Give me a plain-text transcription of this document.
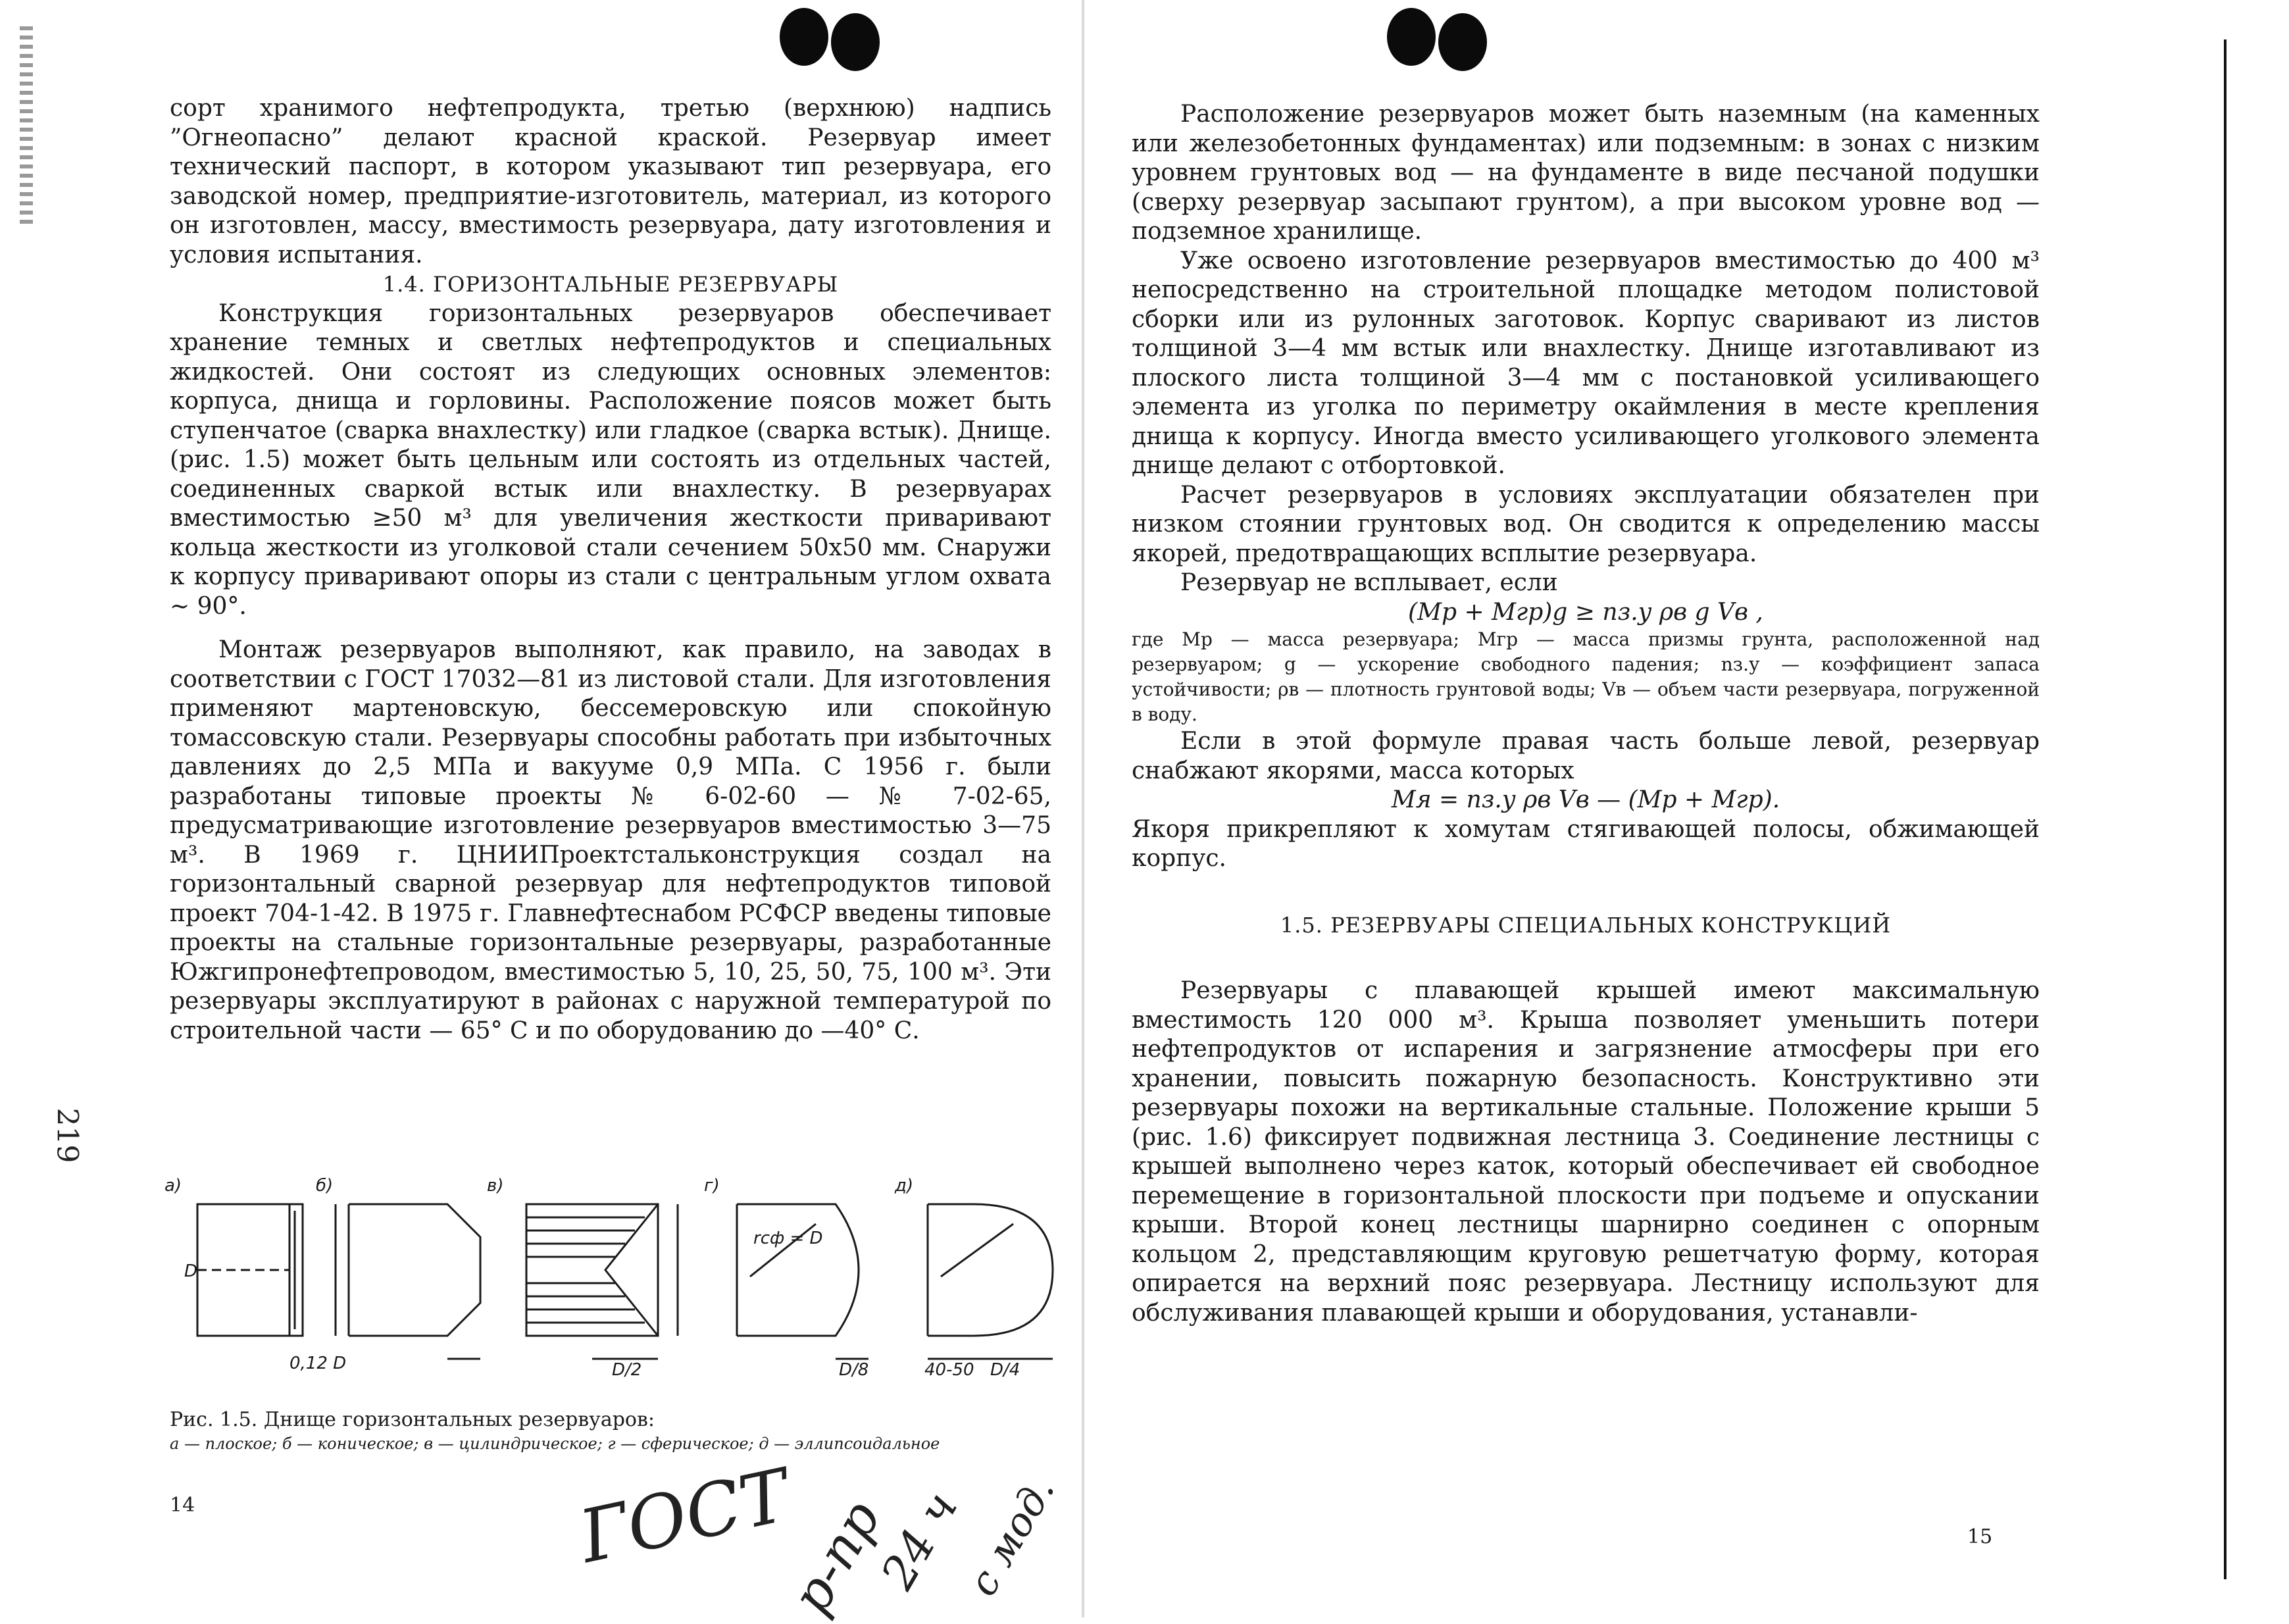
сорт хранимого нефтепродукта, третью (верхнюю) надпись ”Огнеопасно” делают красной краской. Резервуар имеет технический паспорт, в котором указывают тип резервуара, его заводской номер, предприятие-изготовитель, материал, из которого он изготовлен, массу, вместимость резервуара, дату изготовления и условия испытания.

1.4. ГОРИЗОНТАЛЬНЫЕ РЕЗЕРВУАРЫ

Конструкция горизонтальных резервуаров обеспечивает хранение темных и светлых нефтепродуктов и специальных жидкостей. Они состоят из следующих основных элементов: корпуса, днища и горловины. Расположение поясов может быть ступенчатое (сварка внахлестку) или гладкое (сварка встык). Днище.(рис. 1.5) может быть цельным или состоять из отдельных частей, соединенных сваркой встык или внахлестку. В резервуарах вместимостью ≥50 м³ для увеличения жесткости приваривают кольца жесткости из уголковой стали сечением 50x50 мм. Снаружи к корпусу приваривают опоры из стали с центральным углом охвата ~ 90°.

Монтаж резервуаров выполняют, как правило, на заводах в соответствии с ГОСТ 17032—81 из листовой стали. Для изготовления применяют мартеновскую, бессемеровскую или спокойную томассовскую стали. Резервуары способны работать при избыточных давлениях до 2,5 МПа и вакууме 0,9 МПа. С 1956 г. были разработаны типовые проекты № 6-02-60 — № 7-02-65, предусматривающие изготовление резервуаров вместимостью 3—75 м³. В 1969 г. ЦНИИПроектстальконструкция создал на горизонтальный сварной резервуар для нефтепродуктов типовой проект 704-1-42. В 1975 г. Главнефтеснабом РСФСР введены типовые проекты на стальные горизонтальные резервуары, разработанные Южгипронефтепроводом, вместимостью 5, 10, 25, 50, 75, 100 м³. Эти резервуары эксплуатируют в районах с наружной температурой по строительной части — 65° С и по оборудованию до —40° С.

а)	б)	в)	г)	д)
D
0,12 D	D/2	D/8	40-50 D/4
rсф = D
Рис. 1.5. Днище горизонтальных резервуаров:
а — плоское; б — коническое; в — цилиндрическое; г — сферическое; д — эллипсоидальное
14
219
ГОСТ
р-пр
24 ч
с мод.

Расположение резервуаров может быть наземным (на каменных или железобетонных фундаментах) или подземным: в зонах с низким уровнем грунтовых вод — на фундаменте в виде песчаной подушки (сверху резервуар засыпают грунтом), а при высоком уровне вод — подземное хранилище.

Уже освоено изготовление резервуаров вместимостью до 400 м³ непосредственно на строительной площадке методом полистовой сборки или из рулонных заготовок. Корпус сваривают из листов толщиной 3—4 мм встык или внахлестку. Днище изготавливают из плоского листа толщиной 3—4 мм с постановкой усиливающего элемента из уголка по периметру окаймления в месте крепления днища к корпусу. Иногда вместо усиливающего уголкового элемента днище делают с отбортовкой.

Расчет резервуаров в условиях эксплуатации обязателен при низком стоянии грунтовых вод. Он сводится к определению массы якорей, предотвращающих всплытие резервуара.

Резервуар не всплывает, если

(Mр + Mгр)g ≥ nз.у ρв g Vв ,

где Mр — масса резервуара; Mгр — масса призмы грунта, расположенной над резервуаром; g — ускорение свободного падения; nз.у — коэффициент запаса устойчивости; ρв — плотность грунтовой воды; Vв — объем части резервуара, погруженной в воду.

Если в этой формуле правая часть больше левой, резервуар снабжают якорями, масса которых

Mя = nз.у ρв Vв — (Mр + Mгр).

Якоря прикрепляют к хомутам стягивающей полосы, обжимающей корпус.

1.5. РЕЗЕРВУАРЫ СПЕЦИАЛЬНЫХ КОНСТРУКЦИЙ

Резервуары с плавающей крышей имеют максимальную вместимость 120 000 м³. Крыша позволяет уменьшить потери нефтепродуктов от испарения и загрязнение атмосферы при его хранении, повысить пожарную безопасность. Конструктивно эти резервуары похожи на вертикальные стальные. Положение крыши 5 (рис. 1.6) фиксирует подвижная лестница 3. Соединение лестницы с крышей выполнено через каток, который обеспечивает ей свободное перемещение в горизонтальной плоскости при подъеме и опускании крыши. Второй конец лестницы шарнирно соединен с опорным кольцом 2, представляющим круговую решетчатую форму, которая опирается на верхний пояс резервуара. Лестницу используют для обслуживания плавающей крыши и оборудования, устанавли-

15
